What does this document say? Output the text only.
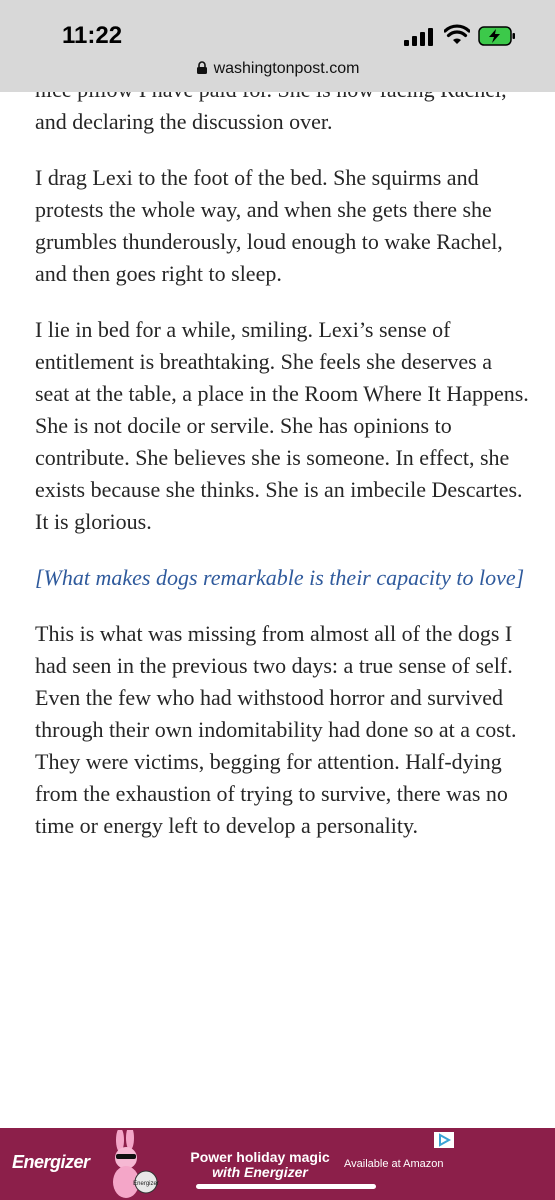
11:22
washingtonpost.com

and declaring the discussion over.

I drag Lexi to the foot of the bed. She squirms and protests the whole way, and when she gets there she grumbles thunderously, loud enough to wake Rachel, and then goes right to sleep.

I lie in bed for a while, smiling. Lexi’s sense of entitlement is breathtaking. She feels she deserves a seat at the table, a place in the Room Where It Happens. She is not docile or servile. She has opinions to contribute. She believes she is someone. In effect, she exists because she thinks. She is an imbecile Descartes. It is glorious.

[What makes dogs remarkable is their capacity to love]

This is what was missing from almost all of the dogs I had seen in the previous two days: a true sense of self. Even the few who had withstood horror and survived through their own indomitability had done so at a cost. They were victims, begging for attention. Half-dying from the exhaustion of trying to survive, there was no time or energy left to develop a personality.

Energizer
Energizer
Power holiday magic
with Energizer	Available at Amazon
